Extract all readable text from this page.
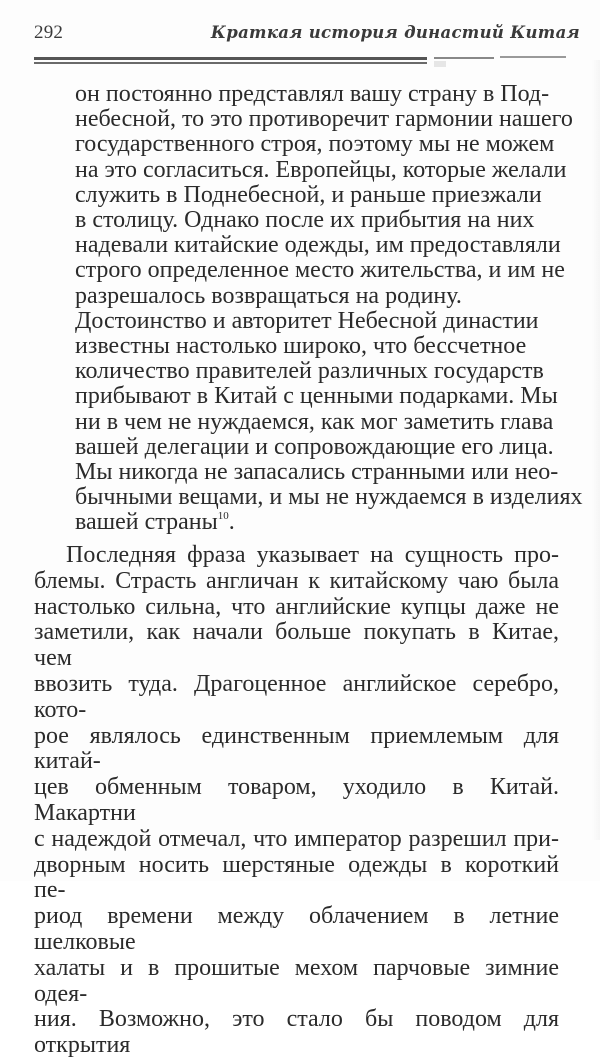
292	Краткая история династий Китая
он постоянно представлял вашу страну в Под-
небесной, то это противоречит гармонии нашего
государственного строя, поэтому мы не можем
на это согласиться. Европейцы, которые желали
служить в Поднебесной, и раньше приезжали
в столицу. Однако после их прибытия на них
надевали китайские одежды, им предоставляли
строго определенное место жительства, и им не
разрешалось возвращаться на родину.
Достоинство и авторитет Небесной династии
известны настолько широко, что бессчетное
количество правителей различных государств
прибывают в Китай с ценными подарками. Мы
ни в чем не нуждаемся, как мог заметить глава
вашей делегации и сопровождающие его лица.
Мы никогда не запасались странными или нео-
бычными вещами, и мы не нуждаемся в изделиях
вашей страны$^{10}$.
Последняя фраза указывает на сущность про-
блемы. Страсть англичан к китайскому чаю была
настолько сильна, что английские купцы даже не
заметили, как начали больше покупать в Китае, чем
ввозить туда. Драгоценное английское серебро, кото-
рое являлось единственным приемлемым для китай-
цев обменным товаром, уходило в Китай. Макартни
с надеждой отмечал, что император разрешил при-
дворным носить шерстяные одежды в короткий пе-
риод времени между облачением в летние шелковые
халаты и в прошитые мехом парчовые зимние одея-
ния. Возможно, это стало бы поводом для открытия
